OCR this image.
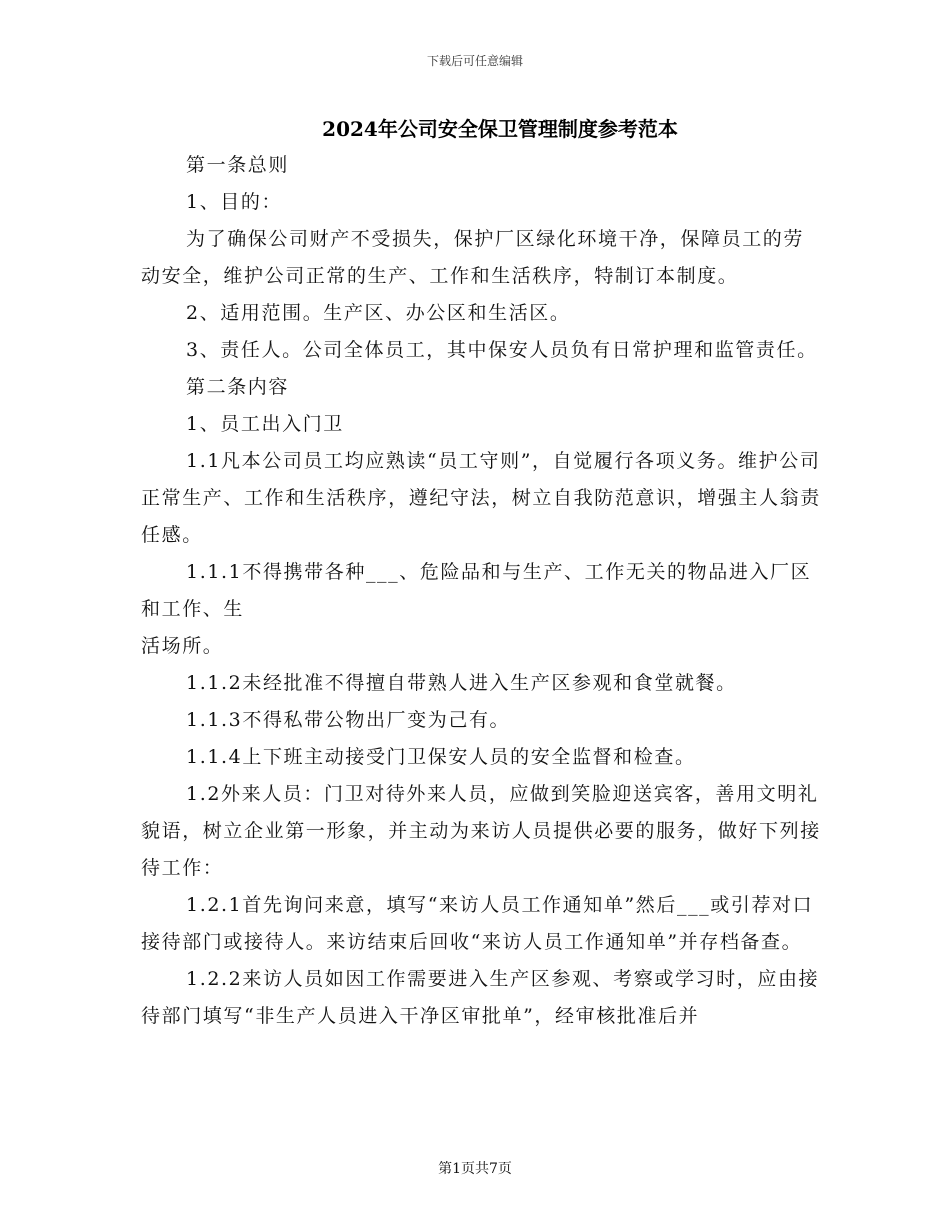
下载后可任意编辑
2024年公司安全保卫管理制度参考范本

第一条总则

1、目的：

为了确保公司财产不受损失，保护厂区绿化环境干净，保障员工的劳动安全，维护公司正常的生产、工作和生活秩序，特制订本制度。

2、适用范围。生产区、办公区和生活区。

3、责任人。公司全体员工，其中保安人员负有日常护理和监管责任。

第二条内容

1、员工出入门卫

1.1凡本公司员工均应熟读“员工守则”，自觉履行各项义务。维护公司正常生产、工作和生活秩序，遵纪守法，树立自我防范意识，增强主人翁责任感。

1.1.1不得携带各种___、危险品和与生产、工作无关的物品进入厂区和工作、生

活场所。

1.1.2未经批准不得擅自带熟人进入生产区参观和食堂就餐。

1.1.3不得私带公物出厂变为己有。

1.1.4上下班主动接受门卫保安人员的安全监督和检查。

1.2外来人员：门卫对待外来人员，应做到笑脸迎送宾客，善用文明礼貌语，树立企业第一形象，并主动为来访人员提供必要的服务，做好下列接待工作：

1.2.1首先询问来意，填写“来访人员工作通知单”然后___或引荐对口接待部门或接待人。来访结束后回收“来访人员工作通知单”并存档备查。

1.2.2来访人员如因工作需要进入生产区参观、考察或学习时，应由接待部门填写“非生产人员进入干净区审批单”，经审核批准后并

第1页共7页
